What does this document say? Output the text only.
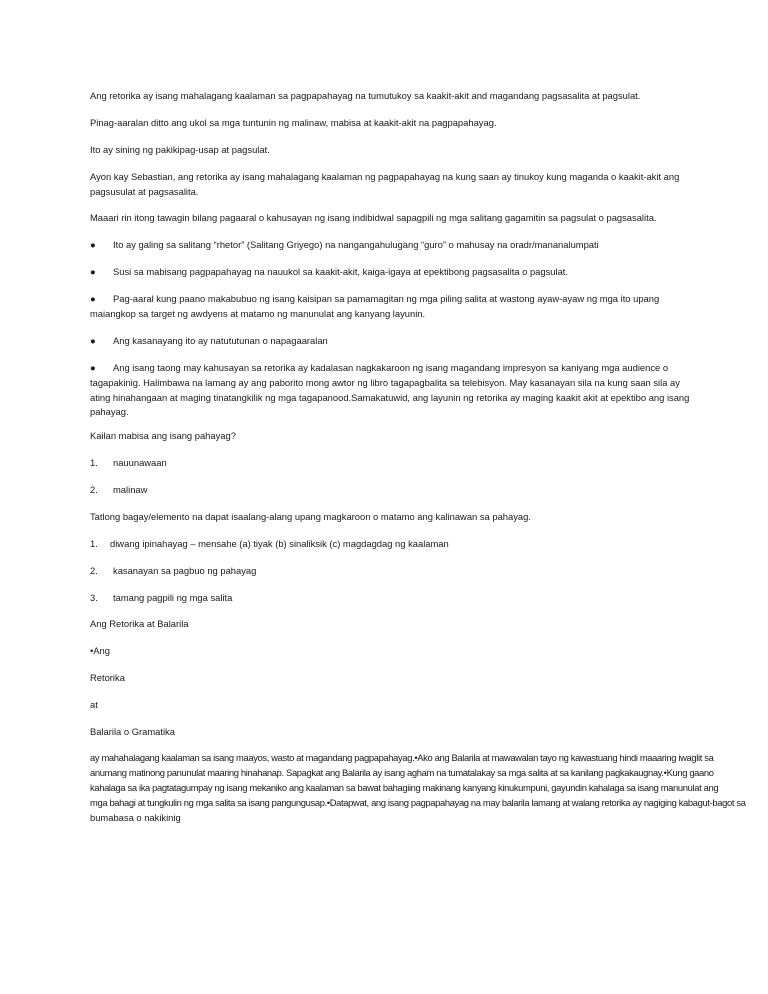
Ang retorika ay isang mahalagang kaalaman sa pagpapahayag na tumutukoy sa kaakit-akit and magandang pagsasalita at pagsulat.
Pinag-aaralan ditto ang ukol sa mga tuntunin ng malinaw, mabisa at kaakit-akit na pagpapahayag.
Ito ay sining ng pakikipag-usap at pagsulat.
Ayon kay Sebastian, ang retorika ay isang mahalagang kaalaman ng pagpapahayag na kung saan ay tinukoy kung maganda o kaakit-akit ang
pagsusulat at pagsasalita.
Maaari rin itong tawagin bilang pagaaral o kahusayan ng isang indibidwal sapagpili ng mga salitang gagamitin sa pagsulat o pagsasalita.
● Ito ay galing sa salitang “rhetor” (Salitang Griyego) na nangangahulugang “guro” o mahusay na oradr/mananalumpati
● Susi sa mabisang pagpapahayag na nauukol sa kaakit-akit, kaiga-igaya at epektibong pagsasalita o pagsulat.
● Pag-aaral kung paano makabubuo ng isang kaisipan sa pamamagitan ng mga piling salita at wastong ayaw-ayaw ng mga ito upang
maiangkop sa target ng awdyens at matamo ng manunulat ang kanyang layunin.
● Ang kasanayang ito ay natututunan o napagaaralan
● Ang isang taong may kahusayan sa retorika ay kadalasan nagkakaroon ng isang magandang impresyon sa kaniyang mga audience o
tagapakinig. Halimbawa na lamang ay ang paborito mong awtor ng libro tagapagbalita sa telebisyon. May kasanayan sila na kung saan sila ay
ating hinahangaan at maging tinatangkilik ng mga tagapanood.Samakatuwid, ang layunin ng retorika ay maging kaakit akit at epektibo ang isang
pahayag.
Kailan mabisa ang isang pahayag?
1. nauunawaan
2. malinaw
Tatlong bagay/elemento na dapat isaalang-alang upang magkaroon o matamo ang kalinawan sa pahayag.
1. diwang ipinahayag – mensahe (a) tiyak (b) sinaliksik (c) magdagdag ng kaalaman
2. kasanayan sa pagbuo ng pahayag
3. tamang pagpili ng mga salita
Ang Retorika at Balarila
•Ang
Retorika
at
Balarila o Gramatika
ay mahahalagang kaalaman sa isang maayos, wasto at magandang pagpapahayag.•Ako ang Balarila at mawawalan tayo ng kawastuang hindi maaaring iwaglit sa
anumang matinong panunulat maaring hinahanap. Sapagkat ang Balarila ay isang agham na tumatalakay sa mga salita at sa kanilang pagkakaugnay.•Kung gaano
kahalaga sa ika pagtatagumpay ng isang mekaniko ang kaalaman sa bawat bahagiing makinang kanyang kinukumpuni, gayundin kahalaga sa isang manunulat ang
mga bahagi at tungkulin ng mga salita sa isang pangungusap.•Datapwat, ang isang pagpapahayag na may balarila lamang at walang retorika ay nagiging kabagut-bagot sa
bumabasa o nakikinig
